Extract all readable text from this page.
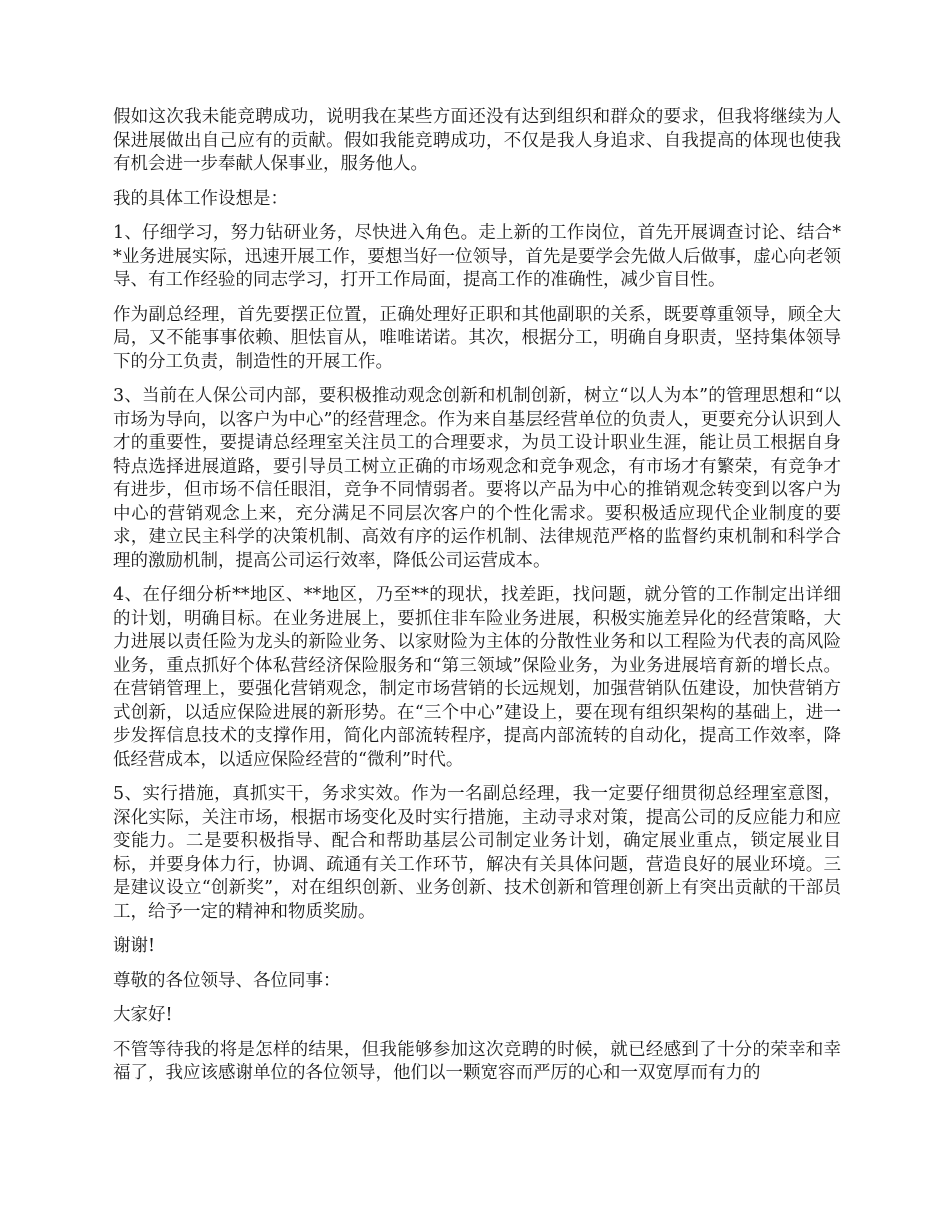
假如这次我未能竞聘成功，说明我在某些方面还没有达到组织和群众的要求，但我将继续为人保进展做出自己应有的贡献。假如我能竞聘成功，不仅是我人身追求、自我提高的体现也使我有机会进一步奉献人保事业，服务他人。

我的具体工作设想是：

1、仔细学习，努力钻研业务，尽快进入角色。走上新的工作岗位，首先开展调查讨论、结合**业务进展实际，迅速开展工作，要想当好一位领导，首先是要学会先做人后做事，虚心向老领导、有工作经验的同志学习，打开工作局面，提高工作的准确性，减少盲目性。

作为副总经理，首先要摆正位置，正确处理好正职和其他副职的关系，既要尊重领导，顾全大局，又不能事事依赖、胆怯盲从，唯唯诺诺。其次，根据分工，明确自身职责，坚持集体领导下的分工负责，制造性的开展工作。

3、当前在人保公司内部，要积极推动观念创新和机制创新，树立“以人为本”的管理思想和“以市场为导向，以客户为中心”的经营理念。作为来自基层经营单位的负责人，更要充分认识到人才的重要性，要提请总经理室关注员工的合理要求，为员工设计职业生涯，能让员工根据自身特点选择进展道路，要引导员工树立正确的市场观念和竞争观念，有市场才有繁荣，有竞争才有进步，但市场不信任眼泪，竞争不同情弱者。要将以产品为中心的推销观念转变到以客户为中心的营销观念上来，充分满足不同层次客户的个性化需求。要积极适应现代企业制度的要求，建立民主科学的决策机制、高效有序的运作机制、法律规范严格的监督约束机制和科学合理的激励机制，提高公司运行效率，降低公司运营成本。

4、在仔细分析**地区、**地区，乃至**的现状，找差距，找问题，就分管的工作制定出详细的计划，明确目标。在业务进展上，要抓住非车险业务进展，积极实施差异化的经营策略，大力进展以责任险为龙头的新险业务、以家财险为主体的分散性业务和以工程险为代表的高风险业务，重点抓好个体私营经济保险服务和“第三领域”保险业务，为业务进展培育新的增长点。在营销管理上，要强化营销观念，制定市场营销的长远规划，加强营销队伍建设，加快营销方式创新，以适应保险进展的新形势。在“三个中心”建设上，要在现有组织架构的基础上，进一步发挥信息技术的支撑作用，简化内部流转程序，提高内部流转的自动化，提高工作效率，降低经营成本，以适应保险经营的“微利”时代。

5、实行措施，真抓实干，务求实效。作为一名副总经理，我一定要仔细贯彻总经理室意图，深化实际，关注市场，根据市场变化及时实行措施，主动寻求对策，提高公司的反应能力和应变能力。二是要积极指导、配合和帮助基层公司制定业务计划，确定展业重点，锁定展业目标，并要身体力行，协调、疏通有关工作环节，解决有关具体问题，营造良好的展业环境。三是建议设立“创新奖”，对在组织创新、业务创新、技术创新和管理创新上有突出贡献的干部员工，给予一定的精神和物质奖励。

谢谢!

尊敬的各位领导、各位同事：

大家好!

不管等待我的将是怎样的结果，但我能够参加这次竞聘的时候，就已经感到了十分的荣幸和幸福了，我应该感谢单位的各位领导，他们以一颗宽容而严厉的心和一双宽厚而有力的
